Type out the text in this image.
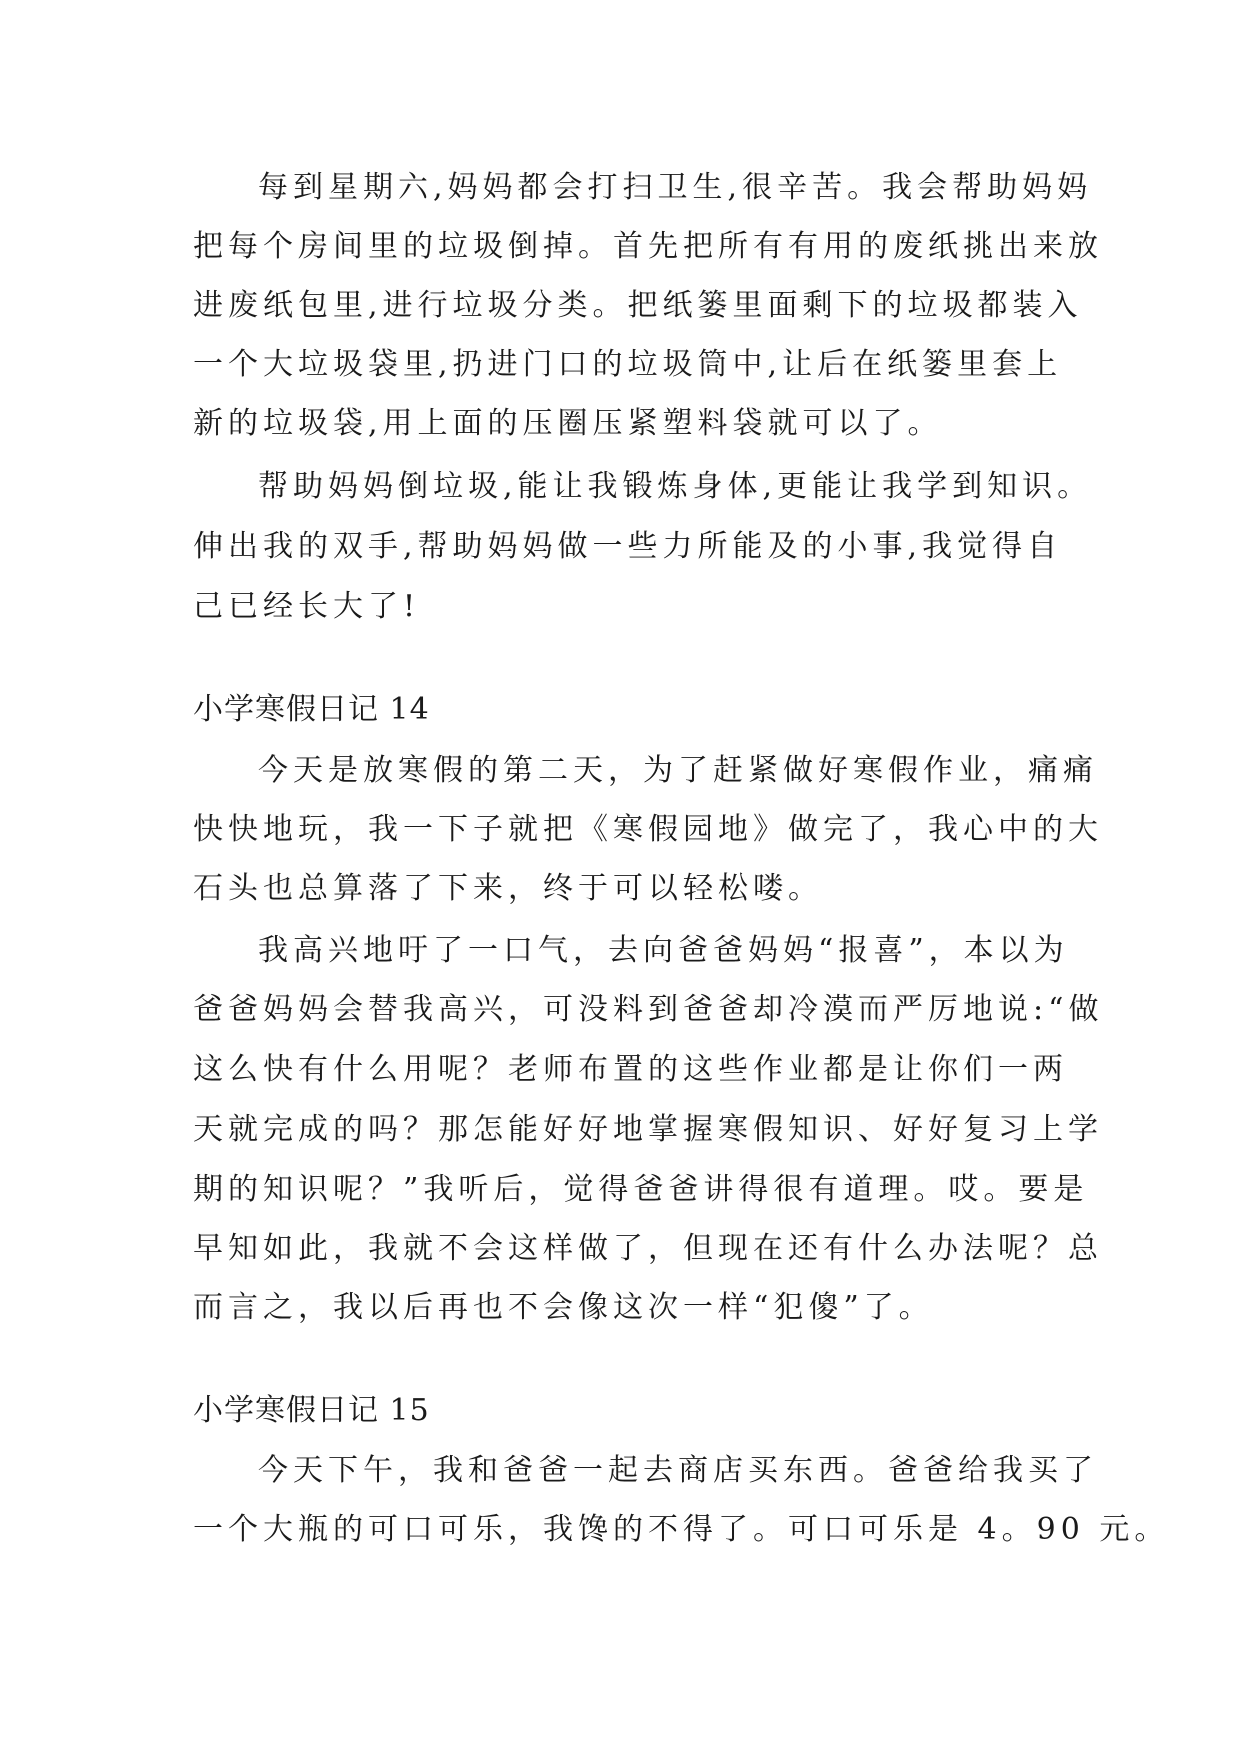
每到星期六,妈妈都会打扫卫生,很辛苦。我会帮助妈妈
把每个房间里的垃圾倒掉。首先把所有有用的废纸挑出来放
进废纸包里,进行垃圾分类。把纸篓里面剩下的垃圾都装入
一个大垃圾袋里,扔进门口的垃圾筒中,让后在纸篓里套上
新的垃圾袋,用上面的压圈压紧塑料袋就可以了。
帮助妈妈倒垃圾,能让我锻炼身体,更能让我学到知识。
伸出我的双手,帮助妈妈做一些力所能及的小事,我觉得自
己已经长大了!
小学寒假日记 14
今天是放寒假的第二天，为了赶紧做好寒假作业，痛痛
快快地玩，我一下子就把《寒假园地》做完了，我心中的大
石头也总算落了下来，终于可以轻松喽。
我高兴地吁了一口气，去向爸爸妈妈“报喜”，本以为
爸爸妈妈会替我高兴，可没料到爸爸却冷漠而严厉地说:“做
这么快有什么用呢？老师布置的这些作业都是让你们一两
天就完成的吗？那怎能好好地掌握寒假知识、好好复习上学
期的知识呢？”我听后，觉得爸爸讲得很有道理。哎。要是
早知如此，我就不会这样做了，但现在还有什么办法呢？总
而言之，我以后再也不会像这次一样“犯傻”了。
小学寒假日记 15
今天下午，我和爸爸一起去商店买东西。爸爸给我买了
一个大瓶的可口可乐，我馋的不得了。可口可乐是 4。90 元。
